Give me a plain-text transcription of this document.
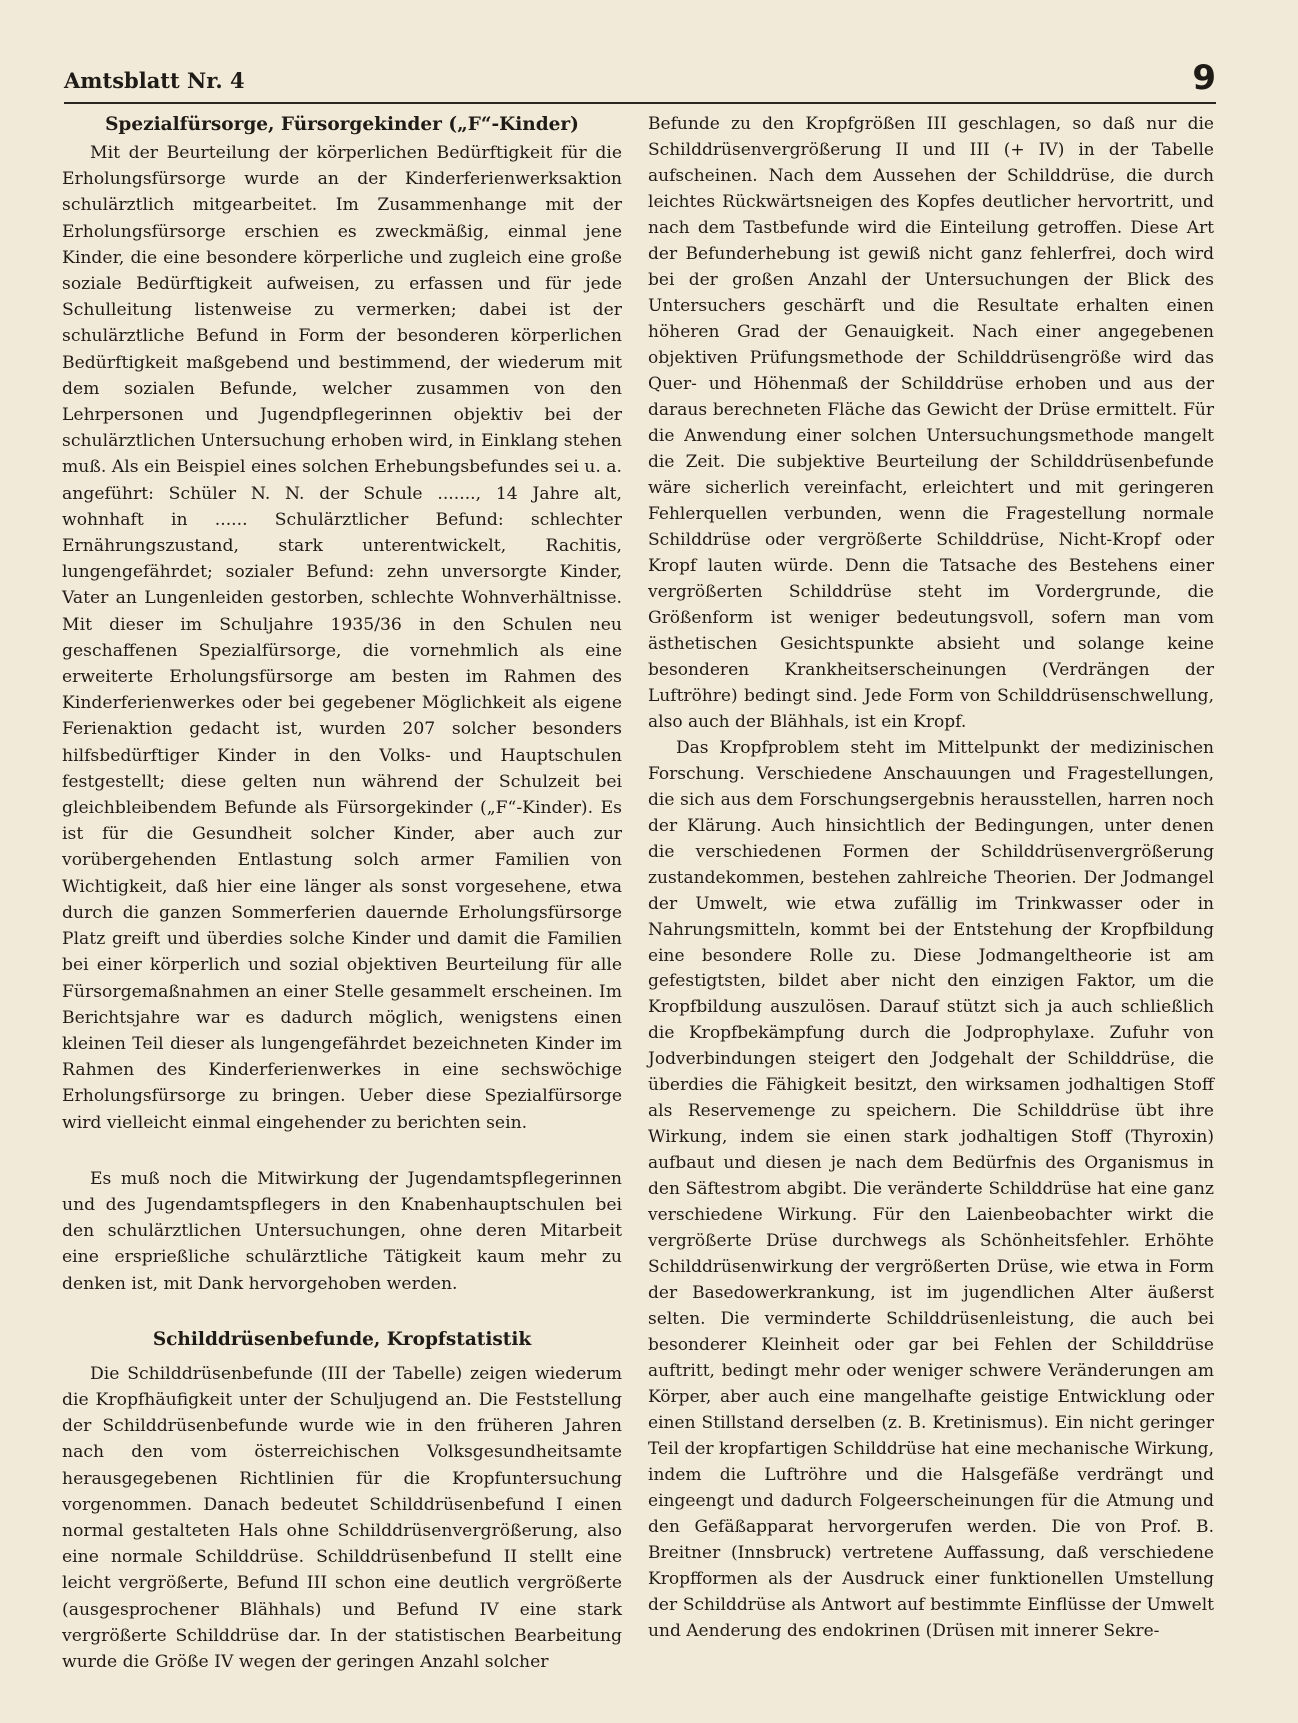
Amtsblatt Nr. 4	9
Spezialfürsorge, Fürsorgekinder („F“-Kinder)

Mit der Beurteilung der körperlichen Bedürftigkeit für die Erholungsfürsorge wurde an der Kinderferienwerksaktion schulärztlich mitgearbeitet. Im Zusammenhange mit der Erholungsfürsorge erschien es zweckmäßig, einmal jene Kinder, die eine besondere körperliche und zugleich eine große soziale Bedürftigkeit aufweisen, zu erfassen und für jede Schulleitung listenweise zu vermerken; dabei ist der schulärztliche Befund in Form der besonderen körperlichen Bedürftigkeit maßgebend und bestimmend, der wiederum mit dem sozialen Befunde, welcher zusammen von den Lehrpersonen und Jugendpflegerinnen objektiv bei der schulärztlichen Untersuchung erhoben wird, in Einklang stehen muß. Als ein Beispiel eines solchen Erhebungsbefundes sei u. a. angeführt: Schüler N. N. der Schule ......., 14 Jahre alt, wohnhaft in ...... Schulärztlicher Befund: schlechter Ernährungszustand, stark unterentwickelt, Rachitis, lungengefährdet; sozialer Befund: zehn unversorgte Kinder, Vater an Lungenleiden gestorben, schlechte Wohnverhältnisse. Mit dieser im Schuljahre 1935/36 in den Schulen neu geschaffenen Spezialfürsorge, die vornehmlich als eine erweiterte Erholungsfürsorge am besten im Rahmen des Kinderferienwerkes oder bei gegebener Möglichkeit als eigene Ferienaktion gedacht ist, wurden 207 solcher besonders hilfsbedürftiger Kinder in den Volks- und Hauptschulen festgestellt; diese gelten nun während der Schulzeit bei gleichbleibendem Befunde als Fürsorgekinder („F“-Kinder). Es ist für die Gesundheit solcher Kinder, aber auch zur vorübergehenden Entlastung solch armer Familien von Wichtigkeit, daß hier eine länger als sonst vorgesehene, etwa durch die ganzen Sommerferien dauernde Erholungsfürsorge Platz greift und überdies solche Kinder und damit die Familien bei einer körperlich und sozial objektiven Beurteilung für alle Fürsorgemaßnahmen an einer Stelle gesammelt erscheinen. Im Berichtsjahre war es dadurch möglich, wenigstens einen kleinen Teil dieser als lungengefährdet bezeichneten Kinder im Rahmen des Kinderferienwerkes in eine sechswöchige Erholungsfürsorge zu bringen. Ueber diese Spezialfürsorge wird vielleicht einmal eingehender zu berichten sein.

Es muß noch die Mitwirkung der Jugendamtspflegerinnen und des Jugendamtspflegers in den Knabenhauptschulen bei den schulärztlichen Untersuchungen, ohne deren Mitarbeit eine ersprießliche schulärztliche Tätigkeit kaum mehr zu denken ist, mit Dank hervorgehoben werden.

Schilddrüsenbefunde, Kropfstatistik

Die Schilddrüsenbefunde (III der Tabelle) zeigen wiederum die Kropfhäufigkeit unter der Schuljugend an. Die Feststellung der Schilddrüsenbefunde wurde wie in den früheren Jahren nach den vom österreichischen Volksgesundheitsamte herausgegebenen Richtlinien für die Kropfuntersuchung vorgenommen. Danach bedeutet Schilddrüsenbefund I einen normal gestalteten Hals ohne Schilddrüsenvergrößerung, also eine normale Schilddrüse. Schilddrüsenbefund II stellt eine leicht vergrößerte, Befund III schon eine deutlich vergrößerte (ausgesprochener Blähhals) und Befund IV eine stark vergrößerte Schilddrüse dar. In der statistischen Bearbeitung wurde die Größe IV wegen der geringen Anzahl solcher

Befunde zu den Kropfgrößen III geschlagen, so daß nur die Schilddrüsenvergrößerung II und III (+ IV) in der Tabelle aufscheinen. Nach dem Aussehen der Schilddrüse, die durch leichtes Rückwärtsneigen des Kopfes deutlicher hervortritt, und nach dem Tastbefunde wird die Einteilung getroffen. Diese Art der Befunderhebung ist gewiß nicht ganz fehlerfrei, doch wird bei der großen Anzahl der Untersuchungen der Blick des Untersuchers geschärft und die Resultate erhalten einen höheren Grad der Genauigkeit. Nach einer angegebenen objektiven Prüfungsmethode der Schilddrüsengröße wird das Quer- und Höhenmaß der Schilddrüse erhoben und aus der daraus berechneten Fläche das Gewicht der Drüse ermittelt. Für die Anwendung einer solchen Untersuchungsmethode mangelt die Zeit. Die subjektive Beurteilung der Schilddrüsenbefunde wäre sicherlich vereinfacht, erleichtert und mit geringeren Fehlerquellen verbunden, wenn die Fragestellung normale Schilddrüse oder vergrößerte Schilddrüse, Nicht-Kropf oder Kropf lauten würde. Denn die Tatsache des Bestehens einer vergrößerten Schilddrüse steht im Vordergrunde, die Größenform ist weniger bedeutungsvoll, sofern man vom ästhetischen Gesichtspunkte absieht und solange keine besonderen Krankheitserscheinungen (Verdrängen der Luftröhre) bedingt sind. Jede Form von Schilddrüsenschwellung, also auch der Blähhals, ist ein Kropf.

Das Kropfproblem steht im Mittelpunkt der medizinischen Forschung. Verschiedene Anschauungen und Fragestellungen, die sich aus dem Forschungsergebnis herausstellen, harren noch der Klärung. Auch hinsichtlich der Bedingungen, unter denen die verschiedenen Formen der Schilddrüsenvergrößerung zustandekommen, bestehen zahlreiche Theorien. Der Jodmangel der Umwelt, wie etwa zufällig im Trinkwasser oder in Nahrungsmitteln, kommt bei der Entstehung der Kropfbildung eine besondere Rolle zu. Diese Jodmangeltheorie ist am gefestigtsten, bildet aber nicht den einzigen Faktor, um die Kropfbildung auszulösen. Darauf stützt sich ja auch schließlich die Kropfbekämpfung durch die Jodprophylaxe. Zufuhr von Jodverbindungen steigert den Jodgehalt der Schilddrüse, die überdies die Fähigkeit besitzt, den wirksamen jodhaltigen Stoff als Reservemenge zu speichern. Die Schilddrüse übt ihre Wirkung, indem sie einen stark jodhaltigen Stoff (Thyroxin) aufbaut und diesen je nach dem Bedürfnis des Organismus in den Säftestrom abgibt. Die veränderte Schilddrüse hat eine ganz verschiedene Wirkung. Für den Laienbeobachter wirkt die vergrößerte Drüse durchwegs als Schönheitsfehler. Erhöhte Schilddrüsenwirkung der vergrößerten Drüse, wie etwa in Form der Basedowerkrankung, ist im jugendlichen Alter äußerst selten. Die verminderte Schilddrüsenleistung, die auch bei besonderer Kleinheit oder gar bei Fehlen der Schilddrüse auftritt, bedingt mehr oder weniger schwere Veränderungen am Körper, aber auch eine mangelhafte geistige Entwicklung oder einen Stillstand derselben (z. B. Kretinismus). Ein nicht geringer Teil der kropfartigen Schilddrüse hat eine mechanische Wirkung, indem die Luftröhre und die Halsgefäße verdrängt und eingeengt und dadurch Folgeerscheinungen für die Atmung und den Gefäßapparat hervorgerufen werden. Die von Prof. B. Breitner (Innsbruck) vertretene Auffassung, daß verschiedene Kropfformen als der Ausdruck einer funktionellen Umstellung der Schilddrüse als Antwort auf bestimmte Einflüsse der Umwelt und Aenderung des endokrinen (Drüsen mit innerer Sekre-
